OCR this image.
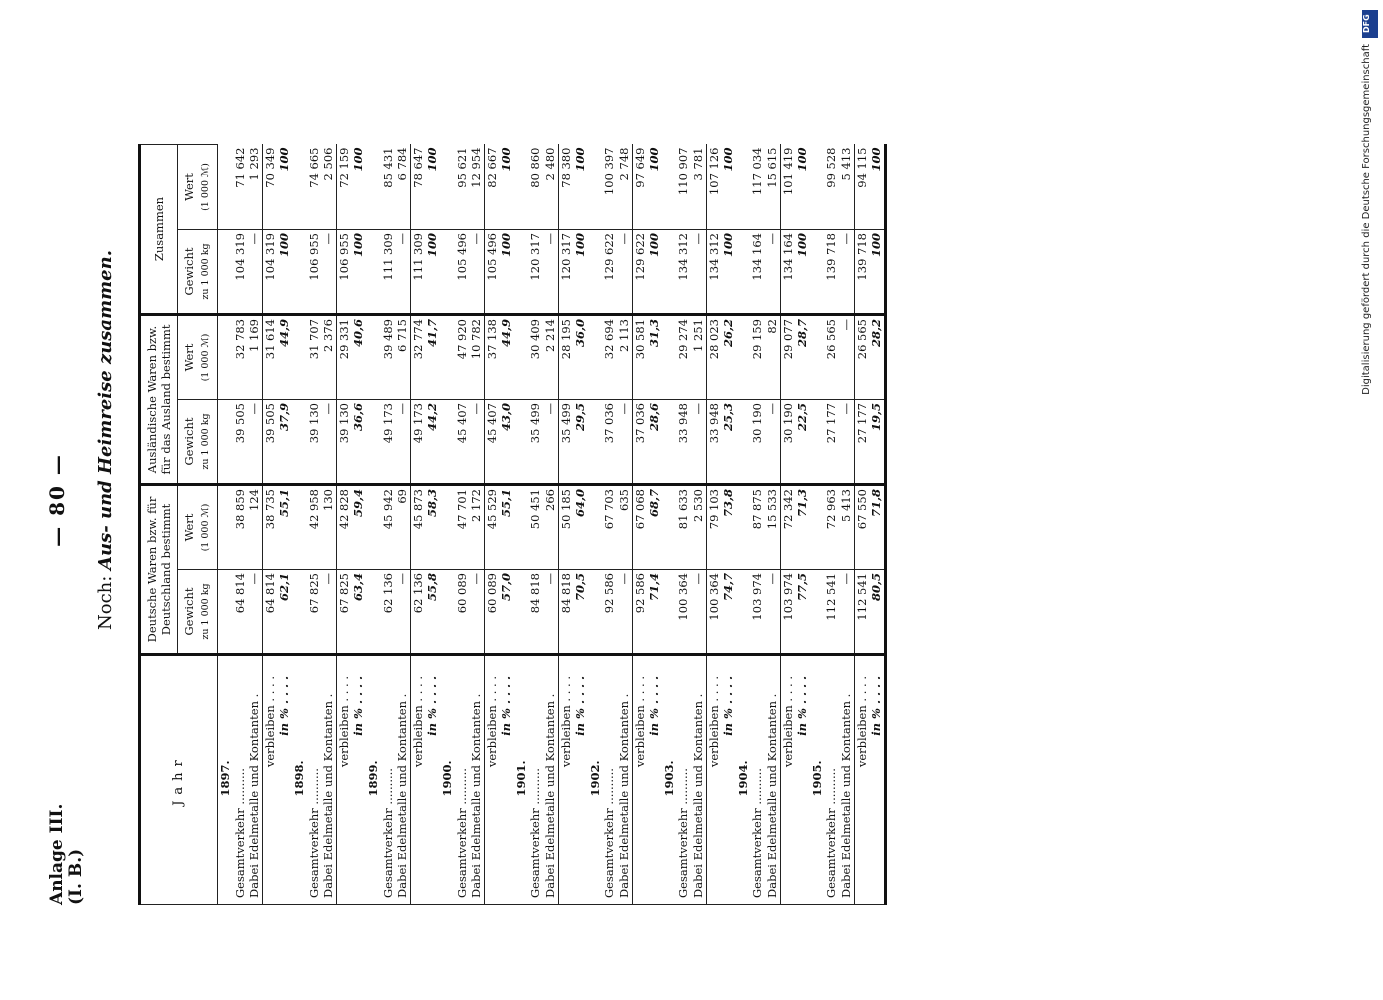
Anlage III. (I. B.)
— 80 —
Noch: Aus- und Heimreise zusammen.
Jahr	Deutsche Waren bzw. für Deutschland bestimmt		Ausländische Waren bzw. für das Ausland bestimmt		Zusammen	
	Gewicht zu 1 000 kg	Wert (1 000 ℳ)	Gewicht zu 1 000 kg	Wert (1 000 ℳ)	Gewicht zu 1 000 kg	Wert (1 000 ℳ)

1897.						
Gesamtverkehr ..........	64 814	38 859	39 505	32 783	104 319	71 642
Dabei Edelmetalle und Kontanten .	—	124	—	1 169	—	1 293
verbleiben . . . .	64 814	38 735	39 505	31 614	104 319	70 349
in % . . . .	62,1	55,1	37,9	44,9	100	100
1898.						
Gesamtverkehr ..........	67 825	42 958	39 130	31 707	106 955	74 665
Dabei Edelmetalle und Kontanten .	—	130	—	2 376	—	2 506
verbleiben . . . .	67 825	42 828	39 130	29 331	106 955	72 159
in % . . . .	63,4	59,4	36,6	40,6	100	100
1899.						
Gesamtverkehr ..........	62 136	45 942	49 173	39 489	111 309	85 431
Dabei Edelmetalle und Kontanten .	—	69	—	6 715	—	6 784
verbleiben . . . .	62 136	45 873	49 173	32 774	111 309	78 647
in % . . . .	55,8	58,3	44,2	41,7	100	100
1900.						
Gesamtverkehr ..........	60 089	47 701	45 407	47 920	105 496	95 621
Dabei Edelmetalle und Kontanten .	—	2 172	—	10 782	—	12 954
verbleiben . . . .	60 089	45 529	45 407	37 138	105 496	82 667
in % . . . .	57,0	55,1	43,0	44,9	100	100
1901.						
Gesamtverkehr ..........	84 818	50 451	35 499	30 409	120 317	80 860
Dabei Edelmetalle und Kontanten .	—	266	—	2 214	—	2 480
verbleiben . . . .	84 818	50 185	35 499	28 195	120 317	78 380
in % . . . .	70,5	64,0	29,5	36,0	100	100
1902.						
Gesamtverkehr ..........	92 586	67 703	37 036	32 694	129 622	100 397
Dabei Edelmetalle und Kontanten .	—	635	—	2 113	—	2 748
verbleiben . . . .	92 586	67 068	37 036	30 581	129 622	97 649
in % . . . .	71,4	68,7	28,6	31,3	100	100
1903.						
Gesamtverkehr ..........	100 364	81 633	33 948	29 274	134 312	110 907
Dabei Edelmetalle und Kontanten .	—	2 530	—	1 251	—	3 781
verbleiben . . . .	100 364	79 103	33 948	28 023	134 312	107 126
in % . . . .	74,7	73,8	25,3	26,2	100	100
1904.						
Gesamtverkehr ..........	103 974	87 875	30 190	29 159	134 164	117 034
Dabei Edelmetalle und Kontanten .	—	15 533	—	82	—	15 615
verbleiben . . . .	103 974	72 342	30 190	29 077	134 164	101 419
in % . . . .	77,5	71,3	22,5	28,7	100	100
1905.						
Gesamtverkehr ..........	112 541	72 963	27 177	26 565	139 718	99 528
Dabei Edelmetalle und Kontanten .	—	5 413	—	—	—	5 413
verbleiben . . . .	112 541	67 550	27 177	26 565	139 718	94 115
in % . . . .	80,5	71,8	19,5	28,2	100	100
DFG
Digitalisierung gefördert durch die Deutsche Forschungsgemeinschaft
